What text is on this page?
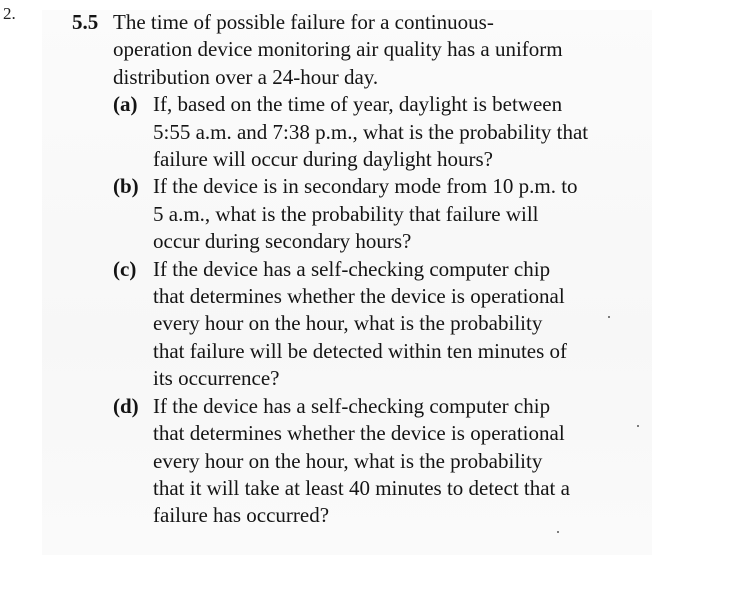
2.	5.5 The time of possible failure for a continuous-
operation device monitoring air quality has a uniform
distribution over a 24-hour day.
(a) If, based on the time of year, daylight is between
5:55 a.m. and 7:38 p.m., what is the probability that
failure will occur during daylight hours?
(b) If the device is in secondary mode from 10 p.m. to
5 a.m., what is the probability that failure will
occur during secondary hours?
(c) If the device has a self-checking computer chip
that determines whether the device is operational
every hour on the hour, what is the probability
that failure will be detected within ten minutes of
its occurrence?
(d) If the device has a self-checking computer chip
that determines whether the device is operational
every hour on the hour, what is the probability
that it will take at least 40 minutes to detect that a
failure has occurred?
